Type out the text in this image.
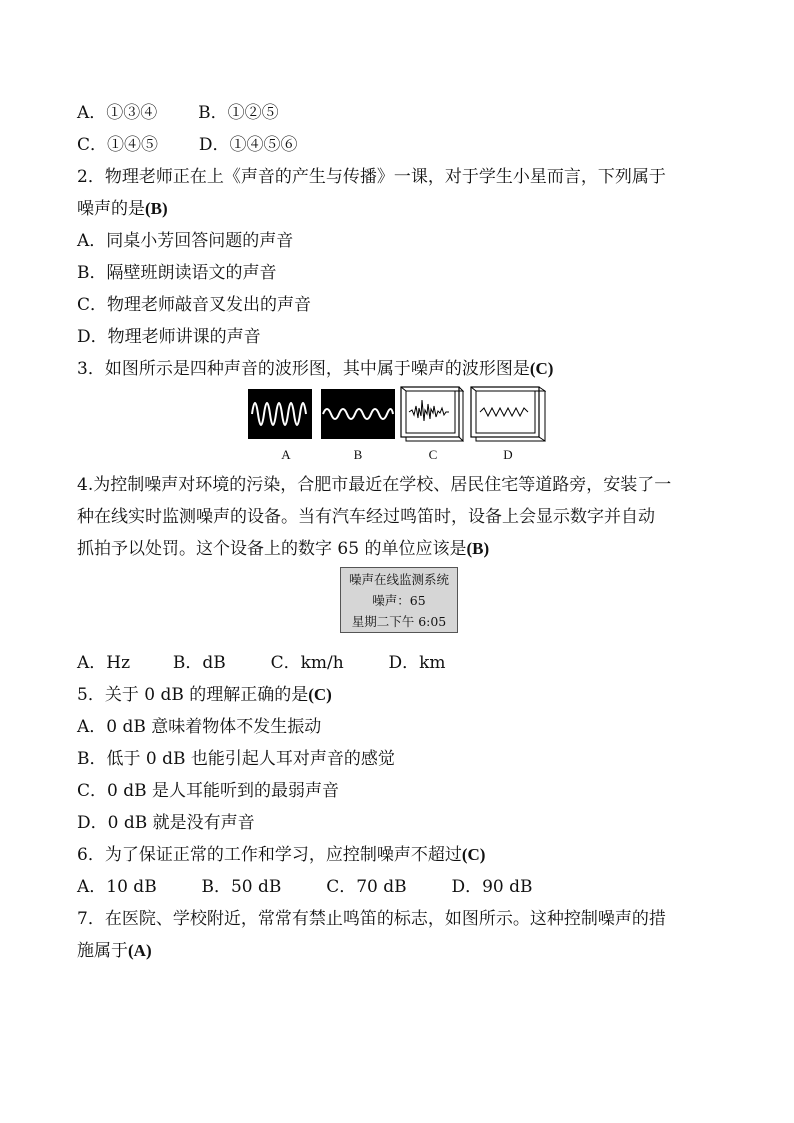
A．①③④ B．①②⑤
C．①④⑤ D．①④⑤⑥
2．物理老师正在上《声音的产生与传播》一课，对于学生小星而言，下列属于
噪声的是(B)
A．同桌小芳回答问题的声音
B．隔壁班朗读语文的声音
C．物理老师敲音叉发出的声音
D．物理老师讲课的声音
3．如图所示是四种声音的波形图，其中属于噪声的波形图是(C)
A	B	C	D
4.为控制噪声对环境的污染，合肥市最近在学校、居民住宅等道路旁，安装了一
种在线实时监测噪声的设备。当有汽车经过鸣笛时，设备上会显示数字并自动
抓拍予以处罚。这个设备上的数字 65 的单位应该是(B)
噪声在线监测系统
噪声：65
星期二下午 6:05
A．Hz	B．dB	C．km/h	D．km
5．关于 0 dB 的理解正确的是(C)
A．0 dB 意味着物体不发生振动
B．低于 0 dB 也能引起人耳对声音的感觉
C．0 dB 是人耳能听到的最弱声音
D．0 dB 就是没有声音
6．为了保证正常的工作和学习，应控制噪声不超过(C)
A．10 dB	B．50 dB	C．70 dB	D．90 dB
7．在医院、学校附近，常常有禁止鸣笛的标志，如图所示。这种控制噪声的措
施属于(A)
